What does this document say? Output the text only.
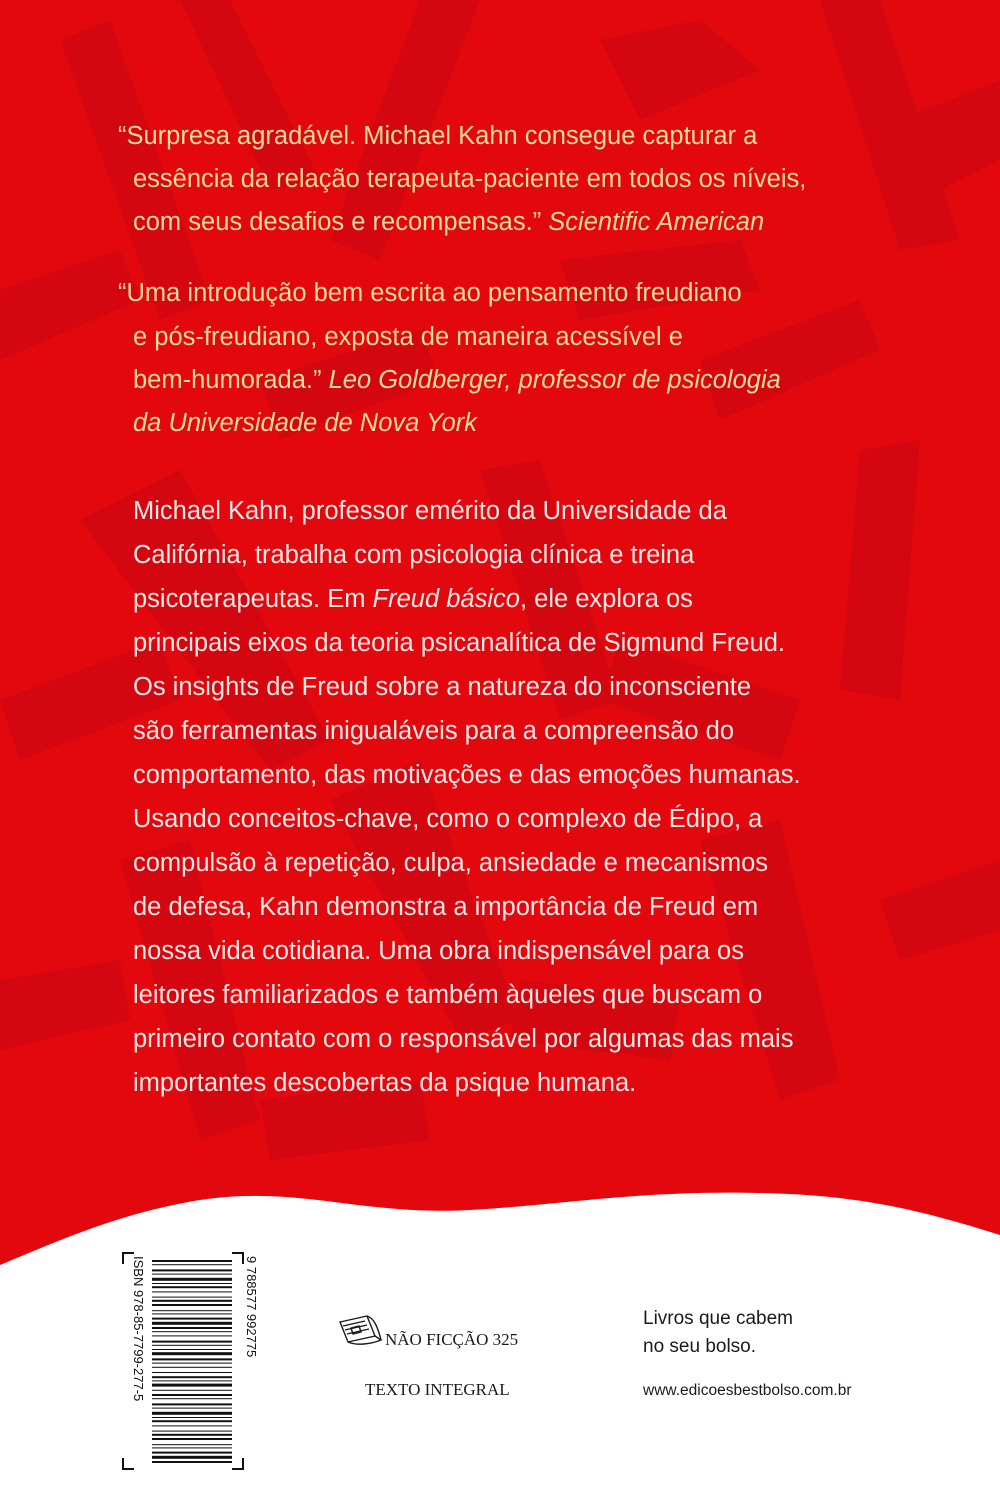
“Surpresa agradável. Michael Kahn consegue capturar a
essência da relação terapeuta-paciente em todos os níveis,
com seus desafios e recompensas.” Scientific American
“Uma introdução bem escrita ao pensamento freudiano
e pós-freudiano, exposta de maneira acessível e
bem-humorada.” Leo Goldberger, professor de psicologia
da Universidade de Nova York
Michael Kahn, professor emérito da Universidade da
Califórnia, trabalha com psicologia clínica e treina
psicoterapeutas. Em Freud básico, ele explora os
principais eixos da teoria psicanalítica de Sigmund Freud.
Os insights de Freud sobre a natureza do inconsciente
são ferramentas inigualáveis para a compreensão do
comportamento, das motivações e das emoções humanas.
Usando conceitos-chave, como o complexo de Édipo, a
compulsão à repetição, culpa, ansiedade e mecanismos
de defesa, Kahn demonstra a importância de Freud em
nossa vida cotidiana. Uma obra indispensável para os
leitores familiarizados e também àqueles que buscam o
primeiro contato com o responsável por algumas das mais
importantes descobertas da psique humana.
ISBN 978-85-7799-277-5	9 788577 992775	NÃO FICÇÃO 325
TEXTO INTEGRAL
Livros que cabem
no seu bolso.
www.edicoesbestbolso.com.br
